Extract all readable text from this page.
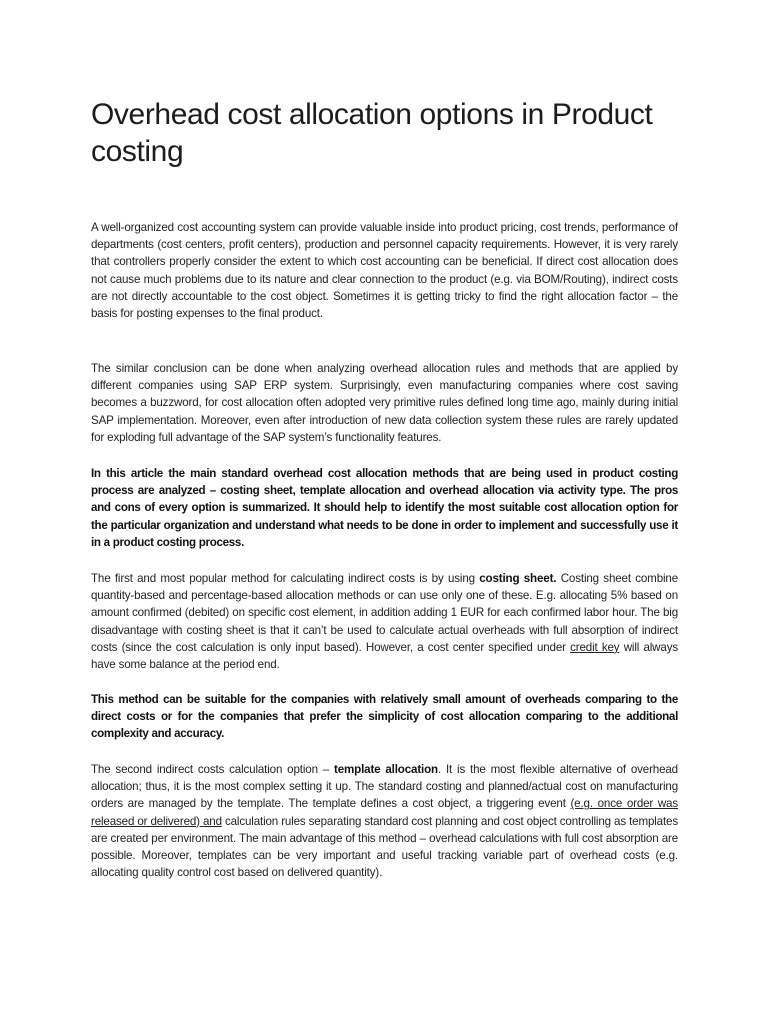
Overhead cost allocation options in Product costing

A well-organized cost accounting system can provide valuable inside into product pricing, cost trends, performance of departments (cost centers, profit centers), production and personnel capacity requirements. However, it is very rarely that controllers properly consider the extent to which cost accounting can be beneficial. If direct cost allocation does not cause much problems due to its nature and clear connection to the product (e.g. via BOM/Routing), indirect costs are not directly accountable to the cost object. Sometimes it is getting tricky to find the right allocation factor – the basis for posting expenses to the final product.

The similar conclusion can be done when analyzing overhead allocation rules and methods that are applied by different companies using SAP ERP system. Surprisingly, even manufacturing companies where cost saving becomes a buzzword, for cost allocation often adopted very primitive rules defined long time ago, mainly during initial SAP implementation. Moreover, even after introduction of new data collection system these rules are rarely updated for exploding full advantage of the SAP system’s functionality features.

In this article the main standard overhead cost allocation methods that are being used in product costing process are analyzed – costing sheet, template allocation and overhead allocation via activity type. The pros and cons of every option is summarized. It should help to identify the most suitable cost allocation option for the particular organization and understand what needs to be done in order to implement and successfully use it in a product costing process.

The first and most popular method for calculating indirect costs is by using costing sheet. Costing sheet combine quantity-based and percentage-based allocation methods or can use only one of these. E.g. allocating 5% based on amount confirmed (debited) on specific cost element, in addition adding 1 EUR for each confirmed labor hour. The big disadvantage with costing sheet is that it can’t be used to calculate actual overheads with full absorption of indirect costs (since the cost calculation is only input based). However, a cost center specified under credit key will always have some balance at the period end.

This method can be suitable for the companies with relatively small amount of overheads comparing to the direct costs or for the companies that prefer the simplicity of cost allocation comparing to the additional complexity and accuracy.

The second indirect costs calculation option – template allocation. It is the most flexible alternative of overhead allocation; thus, it is the most complex setting it up. The standard costing and planned/actual cost on manufacturing orders are managed by the template. The template defines a cost object, a triggering event (e.g. once order was released or delivered) and calculation rules separating standard cost planning and cost object controlling as templates are created per environment. The main advantage of this method – overhead calculations with full cost absorption are possible. Moreover, templates can be very important and useful tracking variable part of overhead costs (e.g. allocating quality control cost based on delivered quantity).
